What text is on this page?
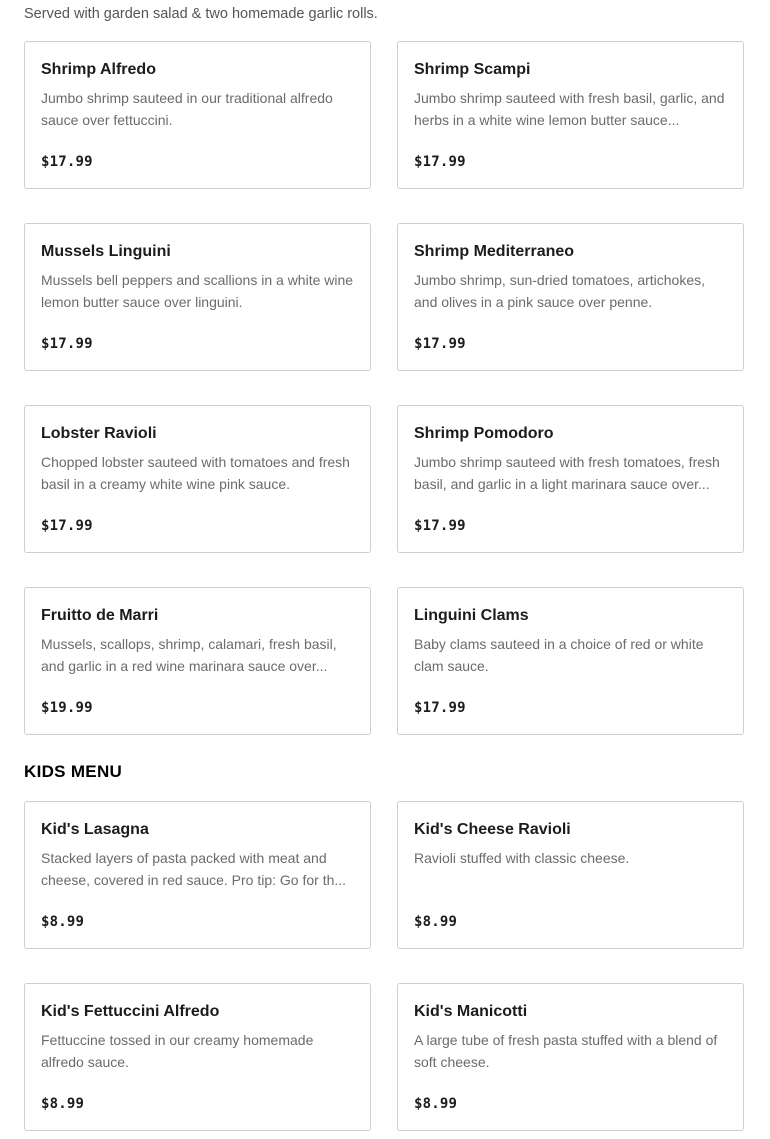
Served with garden salad & two homemade garlic rolls.
Shrimp Alfredo
Jumbo shrimp sauteed in our traditional alfredo sauce over fettuccini.
$17.99
Shrimp Scampi
Jumbo shrimp sauteed with fresh basil, garlic, and herbs in a white wine lemon butter sauce...
$17.99
Mussels Linguini
Mussels bell peppers and scallions in a white wine lemon butter sauce over linguini.
$17.99
Shrimp Mediterraneo
Jumbo shrimp, sun-dried tomatoes, artichokes, and olives in a pink sauce over penne.
$17.99
Lobster Ravioli
Chopped lobster sauteed with tomatoes and fresh basil in a creamy white wine pink sauce.
$17.99
Shrimp Pomodoro
Jumbo shrimp sauteed with fresh tomatoes, fresh basil, and garlic in a light marinara sauce over...
$17.99
Fruitto de Marri
Mussels, scallops, shrimp, calamari, fresh basil, and garlic in a red wine marinara sauce over...
$19.99
Linguini Clams
Baby clams sauteed in a choice of red or white clam sauce.
$17.99
KIDS MENU
Kid's Lasagna
Stacked layers of pasta packed with meat and cheese, covered in red sauce. Pro tip: Go for th...
$8.99
Kid's Cheese Ravioli
Ravioli stuffed with classic cheese.
$8.99
Kid's Fettuccini Alfredo
Fettuccine tossed in our creamy homemade alfredo sauce.
$8.99
Kid's Manicotti
A large tube of fresh pasta stuffed with a blend of soft cheese.
$8.99
